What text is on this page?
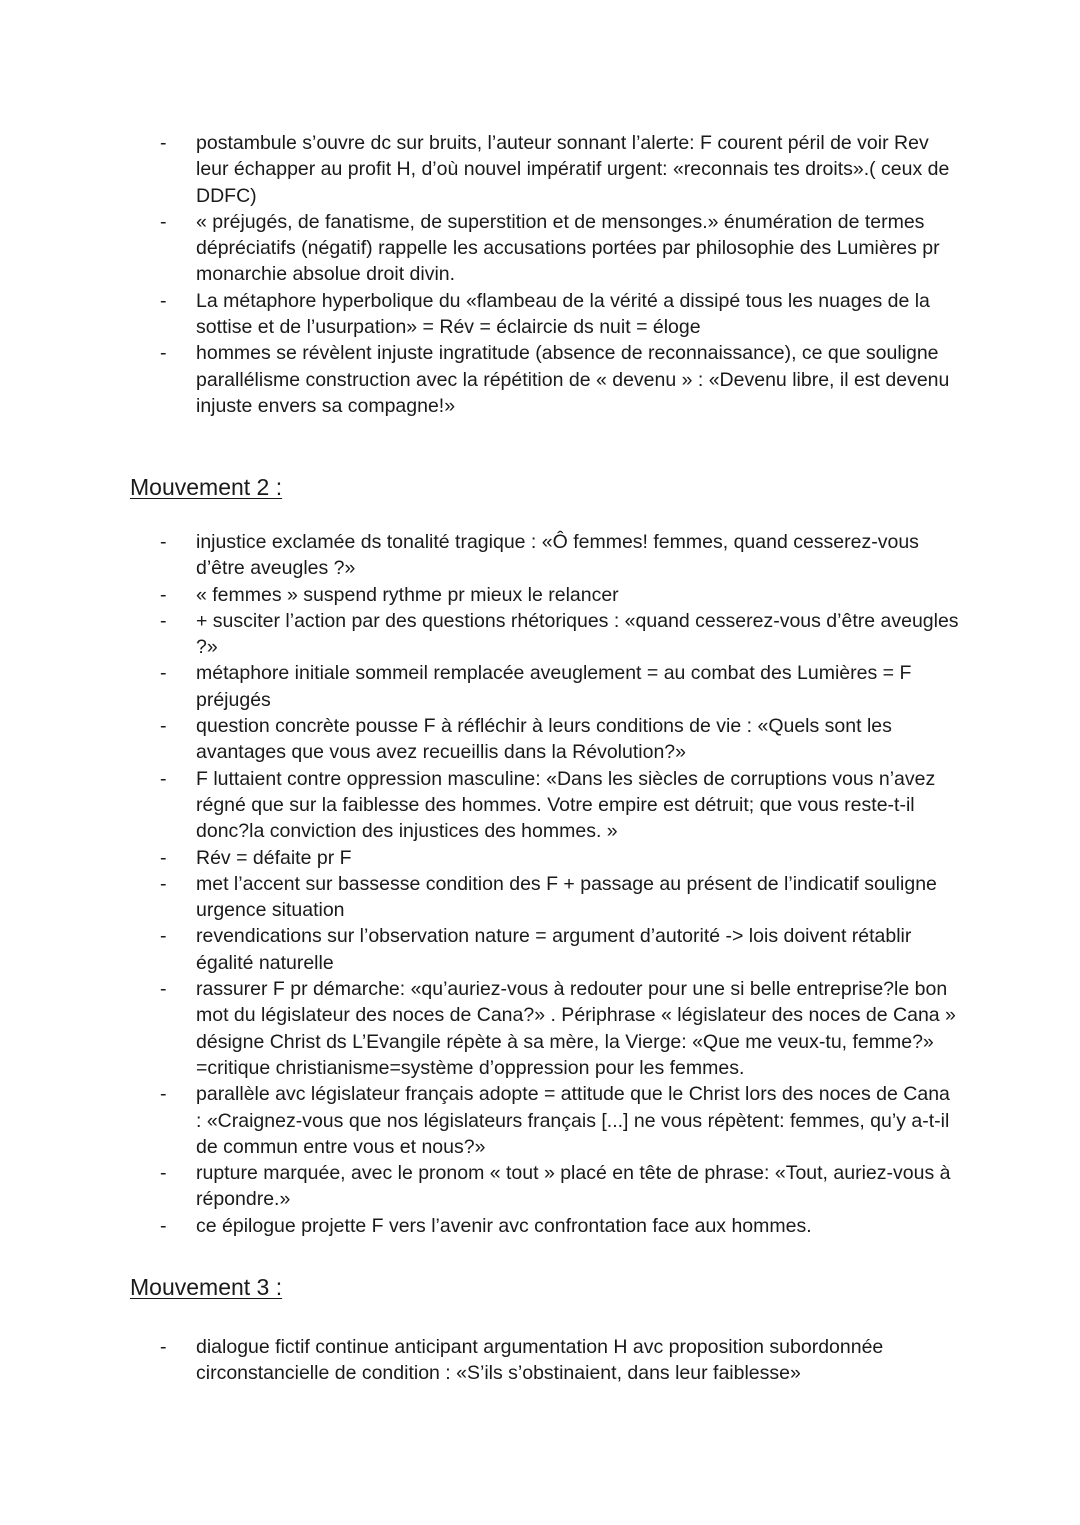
- postambule s’ouvre dc sur bruits, l’auteur sonnant l’alerte: F courent péril de voir Rev leur échapper au profit H, d’où nouvel impératif urgent: «reconnais tes droits».( ceux de DDFC)
- « préjugés, de fanatisme, de superstition et de mensonges.» énumération de termes dépréciatifs (négatif) rappelle les accusations portées par philosophie des Lumières pr monarchie absolue droit divin.
- La métaphore hyperbolique du «flambeau de la vérité a dissipé tous les nuages de la sottise et de l’usurpation» = Rév = éclaircie ds nuit = éloge
- hommes se révèlent injuste ingratitude (absence de reconnaissance), ce que souligne parallélisme construction avec la répétition de « devenu » : «Devenu libre, il est devenu injuste envers sa compagne!»
Mouvement 2 :
- injustice exclamée ds tonalité tragique : «Ô femmes! femmes, quand cesserez-vous d’être aveugles ?»
- « femmes » suspend rythme pr mieux le relancer
- + susciter l’action par des questions rhétoriques : «quand cesserez-vous d’être aveugles ?»
- métaphore initiale sommeil remplacée aveuglement = au combat des Lumières = F préjugés
- question concrète pousse F à réfléchir à leurs conditions de vie : «Quels sont les avantages que vous avez recueillis dans la Révolution?»
- F luttaient contre oppression masculine: «Dans les siècles de corruptions vous n’avez régné que sur la faiblesse des hommes. Votre empire est détruit; que vous reste-t-il donc?la conviction des injustices des hommes. »
- Rév = défaite pr F
- met l’accent sur bassesse condition des F + passage au présent de l’indicatif souligne urgence situation
- revendications sur l’observation nature = argument d’autorité -> lois doivent rétablir égalité naturelle
- rassurer F pr démarche: «qu’auriez-vous à redouter pour une si belle entreprise?le bon mot du législateur des noces de Cana?» . Périphrase « législateur des noces de Cana » désigne Christ ds L’Evangile répète à sa mère, la Vierge: «Que me veux-tu, femme?» =critique christianisme=système d’oppression pour les femmes.
- parallèle avc législateur français adopte = attitude que le Christ lors des noces de Cana : «Craignez-vous que nos législateurs français [...] ne vous répètent: femmes, qu’y a-t-il de commun entre vous et nous?»
- rupture marquée, avec le pronom « tout » placé en tête de phrase: «Tout, auriez-vous à répondre.»
- ce épilogue projette F vers l’avenir avc confrontation face aux hommes.
Mouvement 3 :
- dialogue fictif continue anticipant argumentation H avc proposition subordonnée circonstancielle de condition : «S’ils s’obstinaient, dans leur faiblesse»
